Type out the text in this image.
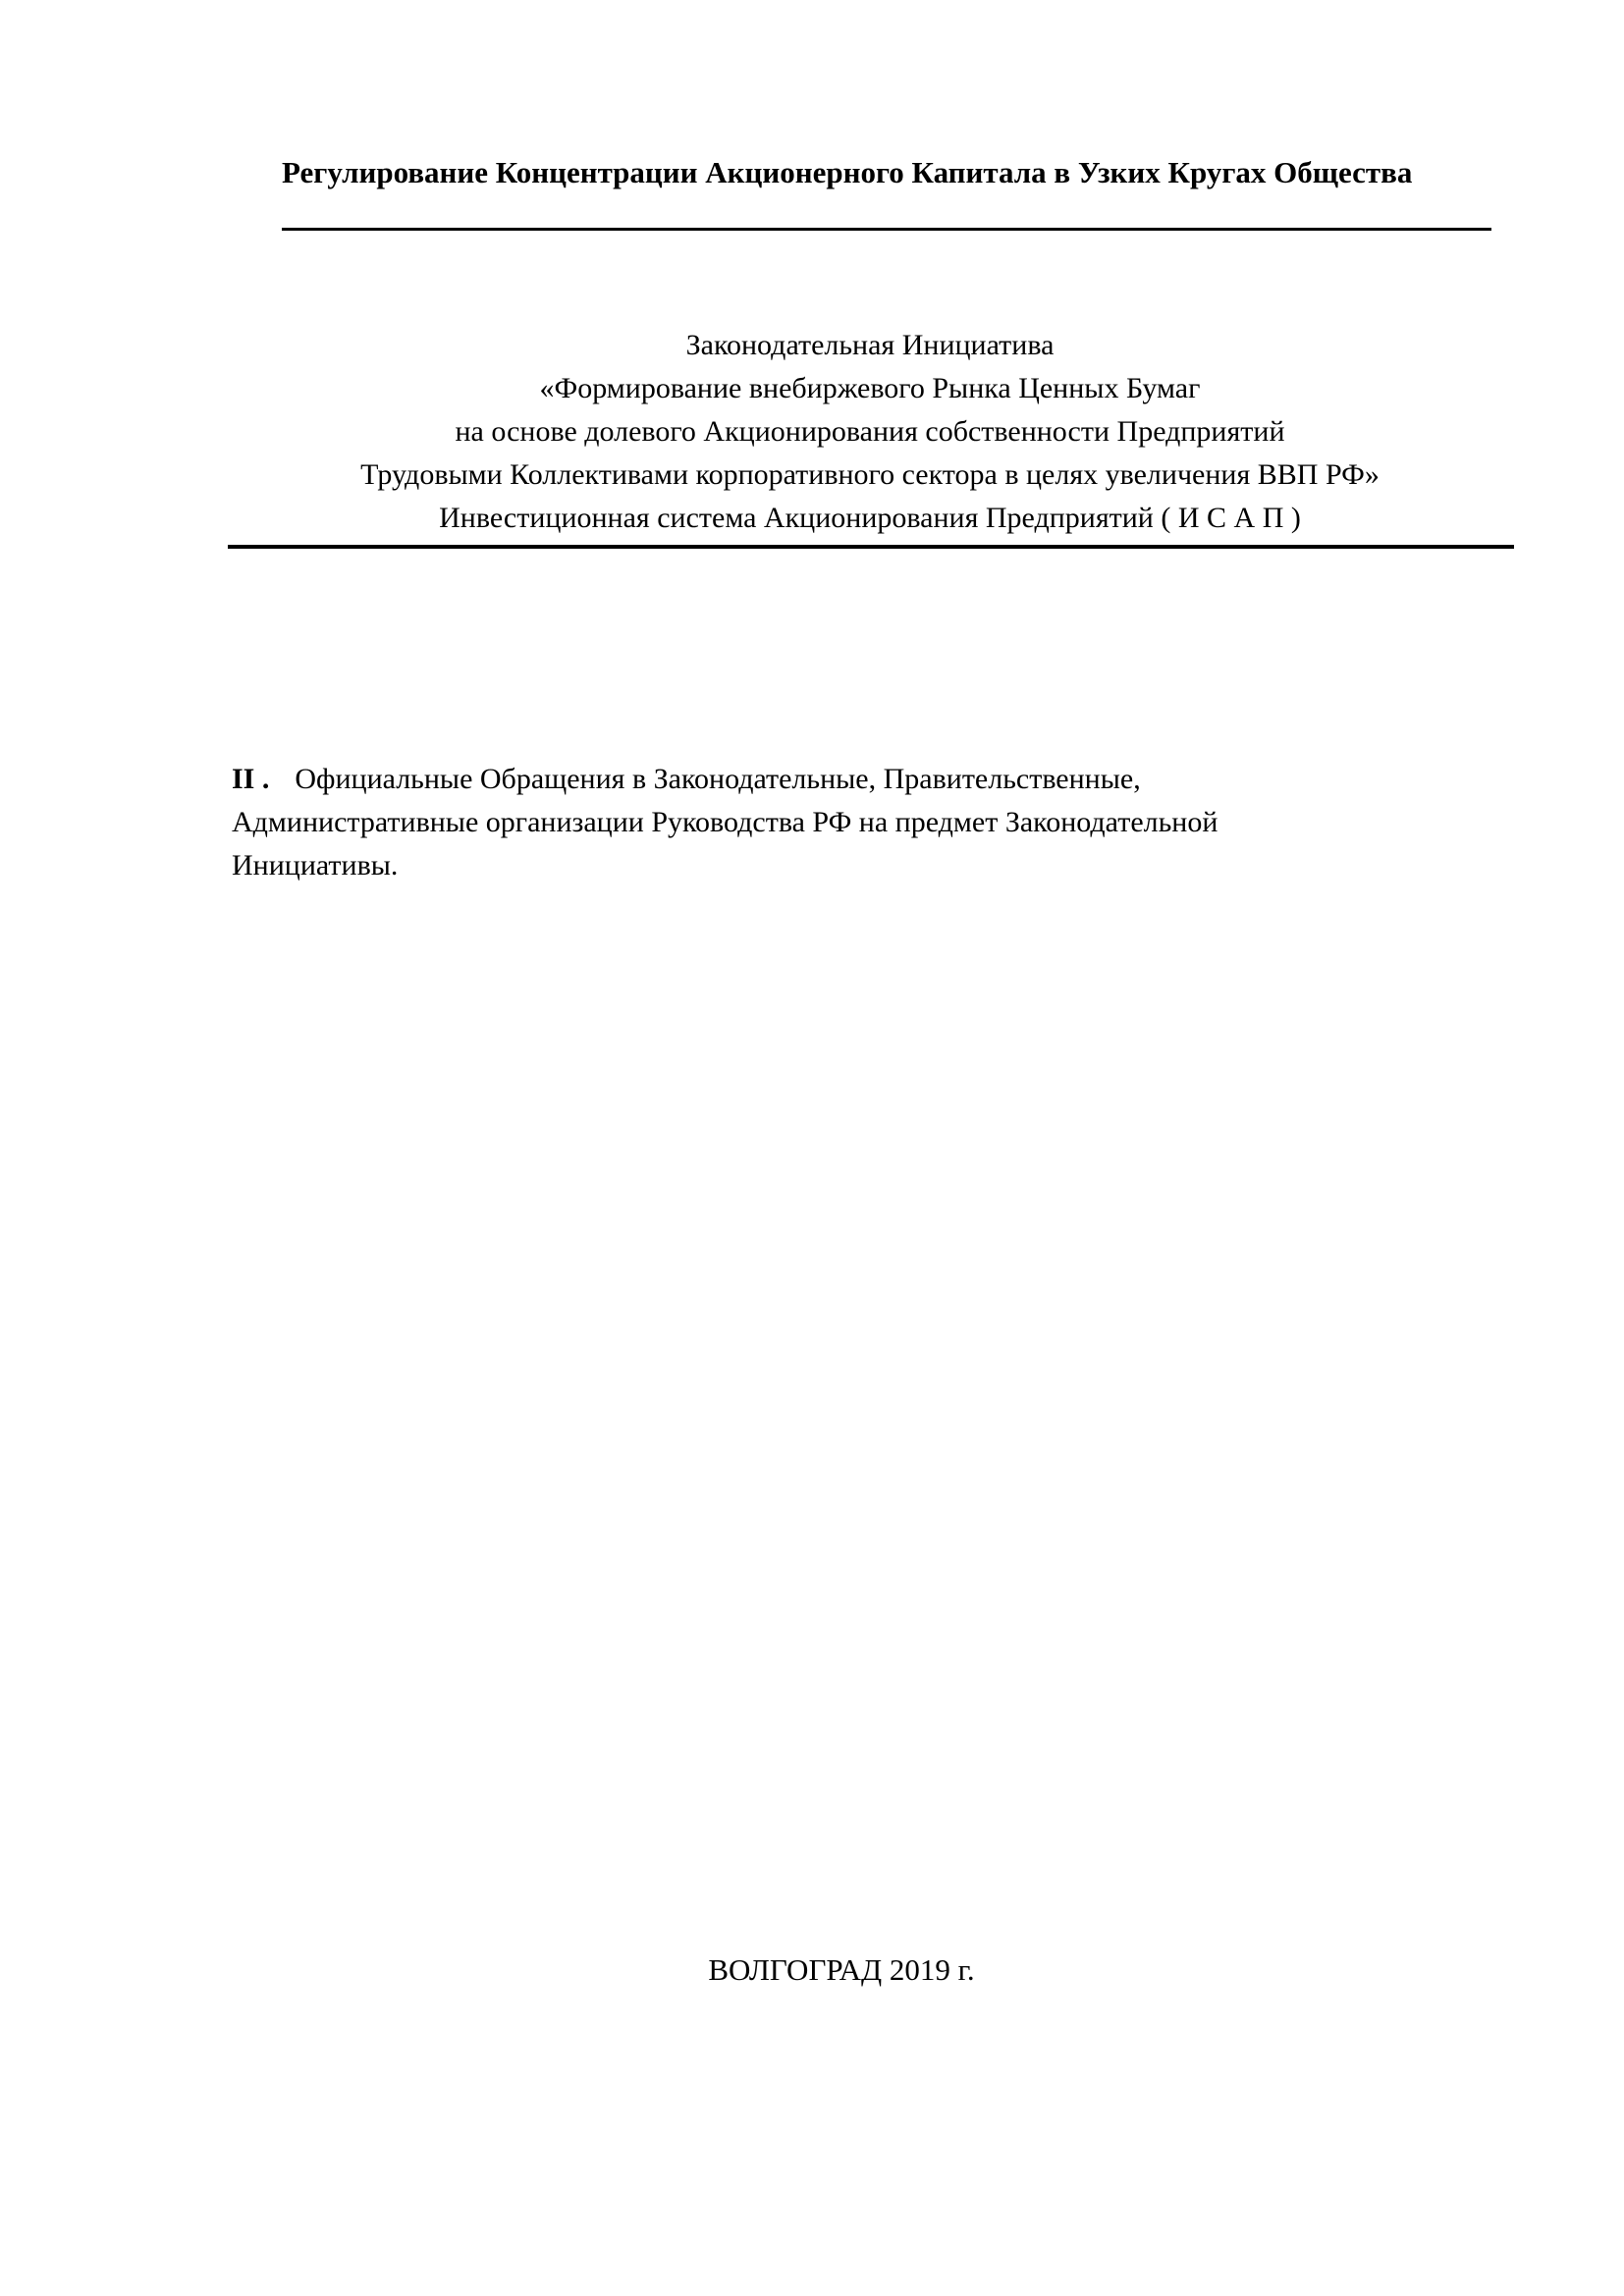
Регулирование Концентрации Акционерного Капитала в Узких Кругах Общества
Законодательная Инициатива
«Формирование внебиржевого Рынка Ценных Бумаг
на основе долевого Акционирования собственности Предприятий
Трудовыми Коллективами корпоративного сектора в целях увеличения ВВП РФ»
Инвестиционная система Акционирования Предприятий ( И С А П )
II . Официальные Обращения в Законодательные, Правительственные,
Административные организации Руководства РФ на предмет Законодательной
Инициативы.
ВОЛГОГРАД 2019 г.
